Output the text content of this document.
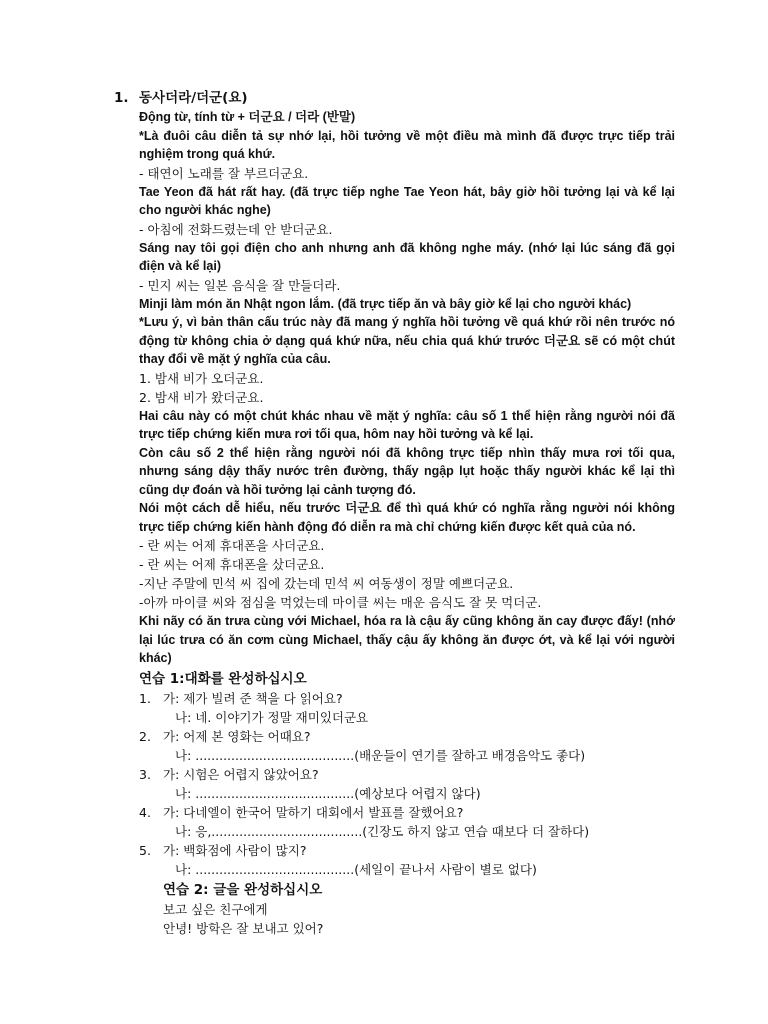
1. 동사더라/더군(요)

Động từ, tính từ + 더군요 / 더라 (반말)

*Là đuôi câu diễn tả sự nhớ lại, hồi tưởng về một điều mà mình đã được trực tiếp trải nghiệm trong quá khứ.

- 태연이 노래를 잘 부르더군요.

Tae Yeon đã hát rất hay. (đã trực tiếp nghe Tae Yeon hát, bây giờ hồi tưởng lại và kể lại cho người khác nghe)

- 아침에 전화드렸는데 안 받더군요.

Sáng nay tôi gọi điện cho anh nhưng anh đã không nghe máy. (nhớ lại lúc sáng đã gọi điện và kể lại)

- 민지 씨는 일본 음식을 잘 만들더라.

Minji làm món ăn Nhật ngon lắm. (đã trực tiếp ăn và bây giờ kể lại cho người khác)

*Lưu ý, vì bản thân cấu trúc này đã mang ý nghĩa hồi tưởng về quá khứ rồi nên trước nó động từ không chia ở dạng quá khứ nữa, nếu chia quá khứ trước 더군요 sẽ có một chút thay đổi về mặt ý nghĩa của câu.

1. 밤새 비가 오더군요.

2. 밤새 비가 왔더군요.

Hai câu này có một chút khác nhau về mặt ý nghĩa: câu số 1 thể hiện rằng người nói đã trực tiếp chứng kiến mưa rơi tối qua, hôm nay hồi tưởng và kể lại.

Còn câu số 2 thể hiện rằng người nói đã không trực tiếp nhìn thấy mưa rơi tối qua, nhưng sáng dậy thấy nước trên đường, thấy ngập lụt hoặc thấy người khác kể lại thì cũng dự đoán và hồi tưởng lại cảnh tượng đó.

Nói một cách dễ hiểu, nếu trước 더군요 để thì quá khứ có nghĩa rằng người nói không trực tiếp chứng kiến hành động đó diễn ra mà chỉ chứng kiến được kết quả của nó.

- 란 씨는 어제 휴대폰을 사더군요.

- 란 씨는 어제 휴대폰을 샀더군요.

-지난 주말에 민석 씨 집에 갔는데 민석 씨 여동생이 정말 예쁘더군요.

-아까 마이클 씨와 점심을 먹었는데 마이클 씨는 매운 음식도 잘 못 먹더군.

Khi nãy có ăn trưa cùng với Michael, hóa ra là cậu ấy cũng không ăn cay được đấy! (nhớ lại lúc trưa có ăn cơm cùng Michael, thấy cậu ấy không ăn được ớt, và kể lại với người khác)

연습 1:대화를 완성하십시오
1. 가: 제가 빌려 준 책을 다 읽어요?
나: 네. 이야기가 정말 재미있더군요
2. 가: 어제 본 영화는 어때요?
나: ........................................(배운들이 연기를 잘하고 배경음악도 좋다)
3. 가: 시험은 어렵지 않았어요?
나: ........................................(예상보다 어렵지 않다)
4. 가: 다네엘이 한국어 말하기 대회에서 발표를 잘했어요?
나: 응,......................................(긴장도 하지 않고 연습 때보다 더 잘하다)
5. 가: 백화점에 사람이 많지?
나: ........................................(세일이 끝나서 사람이 별로 없다)
연습 2: 글을 완성하십시오

보고 싶은 친구에게

안녕! 방학은 잘 보내고 있어?
